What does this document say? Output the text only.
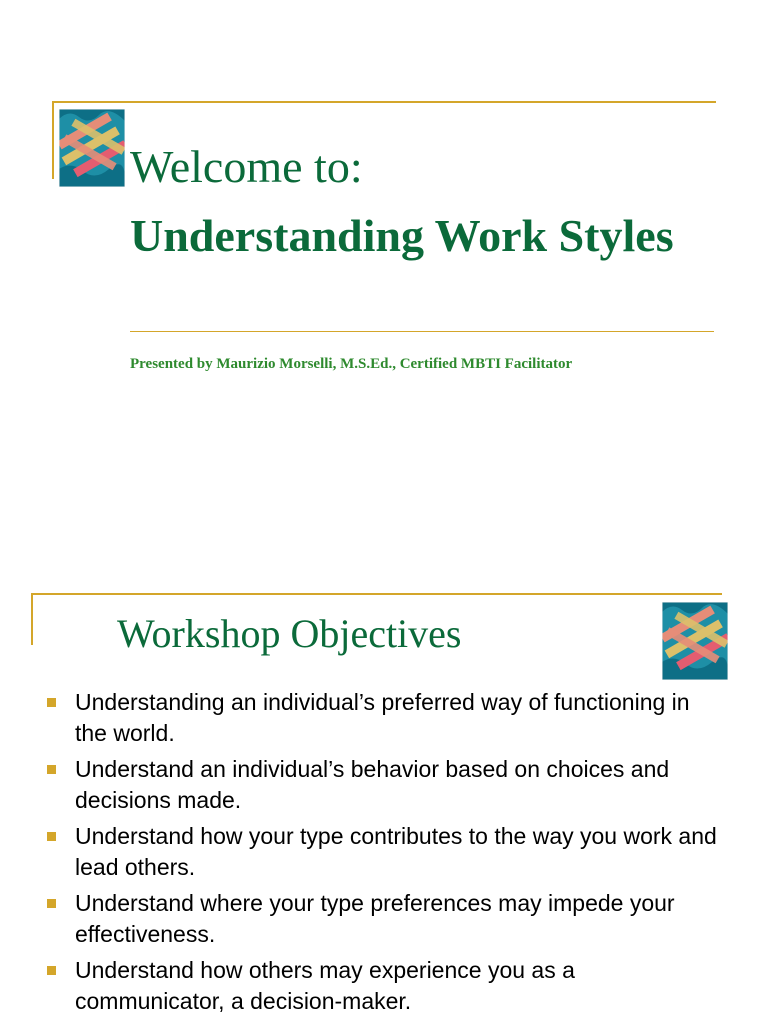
Welcome to:
Understanding Work Styles
Presented by Maurizio Morselli, M.S.Ed., Certified MBTI Facilitator
Workshop Objectives
Understanding an individual’s preferred way of functioning in the world.
Understand an individual’s behavior based on choices and decisions made.
Understand how your type contributes to the way you work and lead others.
Understand where your type preferences may impede your effectiveness.
Understand how others may experience you as a communicator, a decision-maker.
